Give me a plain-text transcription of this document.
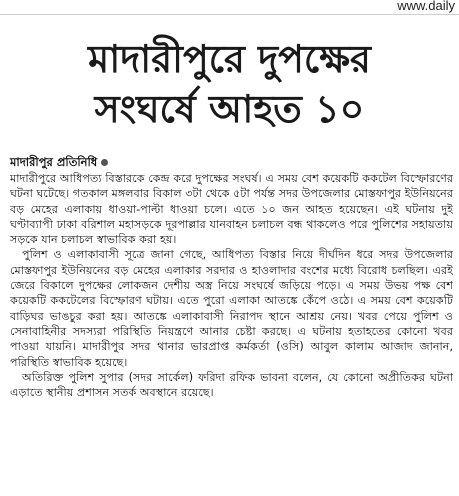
www.daily
মাদারীপুরে দুপক্ষের
সংঘর্ষে আহত ১০
মাদারীপুর প্রতিনিধি

মাদারীপুরে আধিপত্য বিস্তারকে কেন্দ্র করে দুপক্ষের সংঘর্ষ। এ সময় বেশ কয়েকটি ককটেল বিস্ফোরণের ঘটনা ঘটেছে। গতকাল মঙ্গলবার বিকাল ৩টা থেকে ৫টা পর্যন্ত সদর উপজেলার মোস্তফাপুর ইউনিয়নের বড় মেহের এলাকায় ধাওয়া-পাল্টা ধাওয়া চলে। এতে ১০ জন আহত হয়েছেন। এই ঘটনায় দুই ঘণ্টাব্যাপী ঢাকা বরিশাল মহাসড়কে দূরপাল্লার যানবাহন চলাচল বন্ধ থাকলেও পরে পুলিশের সহায়তায় সড়কে যান চলাচল স্বাভাবিক করা হয়।

পুলিশ ও এলাকাবাসী সূত্রে জানা গেছে, আধিপত্য বিস্তার নিয়ে দীর্ঘদিন ধরে সদর উপজেলার মোস্তফাপুর ইউনিয়নের বড় মেহের এলাকার সরদার ও হাওলাদার বংশের মধ্যে বিরোধ চলছিল। এরই জেরে বিকালে দুপক্ষের লোকজন দেশীয় অস্ত্র নিয়ে সংঘর্ষে জড়িয়ে পড়ে। এ সময় উভয় পক্ষ বেশ কয়েকটি ককটেলের বিস্ফোরণ ঘটায়। এতে পুরো এলাকা আতঙ্কে কেঁপে ওঠে। এ সময় বেশ কয়েকটি বাড়িঘর ভাঙচুর করা হয়। আতঙ্কে এলাকাবাসী নিরাপদ স্থানে আশ্রয় নেয়। খবর পেয়ে পুলিশ ও সেনাবাহিনীর সদস্যরা পরিস্থিতি নিয়ন্ত্রণে আনার চেষ্টা করছে। এ ঘটনায় হতাহতের কোনো খবর পাওয়া যায়নি। মাদারীপুর সদর থানার ভারপ্রাপ্ত কর্মকর্তা (ওসি) আবুল কালাম আজাদ জানান, পরিস্থিতি স্বাভাবিক হয়েছে।

অতিরিক্ত পুলিশ সুপার (সদর সার্কেল) ফরিদা রফিক ভাবনা বলেন, যে কোনো অপ্রীতিকর ঘটনা এড়াতে স্থানীয় প্রশাসন সতর্ক অবস্থানে রয়েছে।
